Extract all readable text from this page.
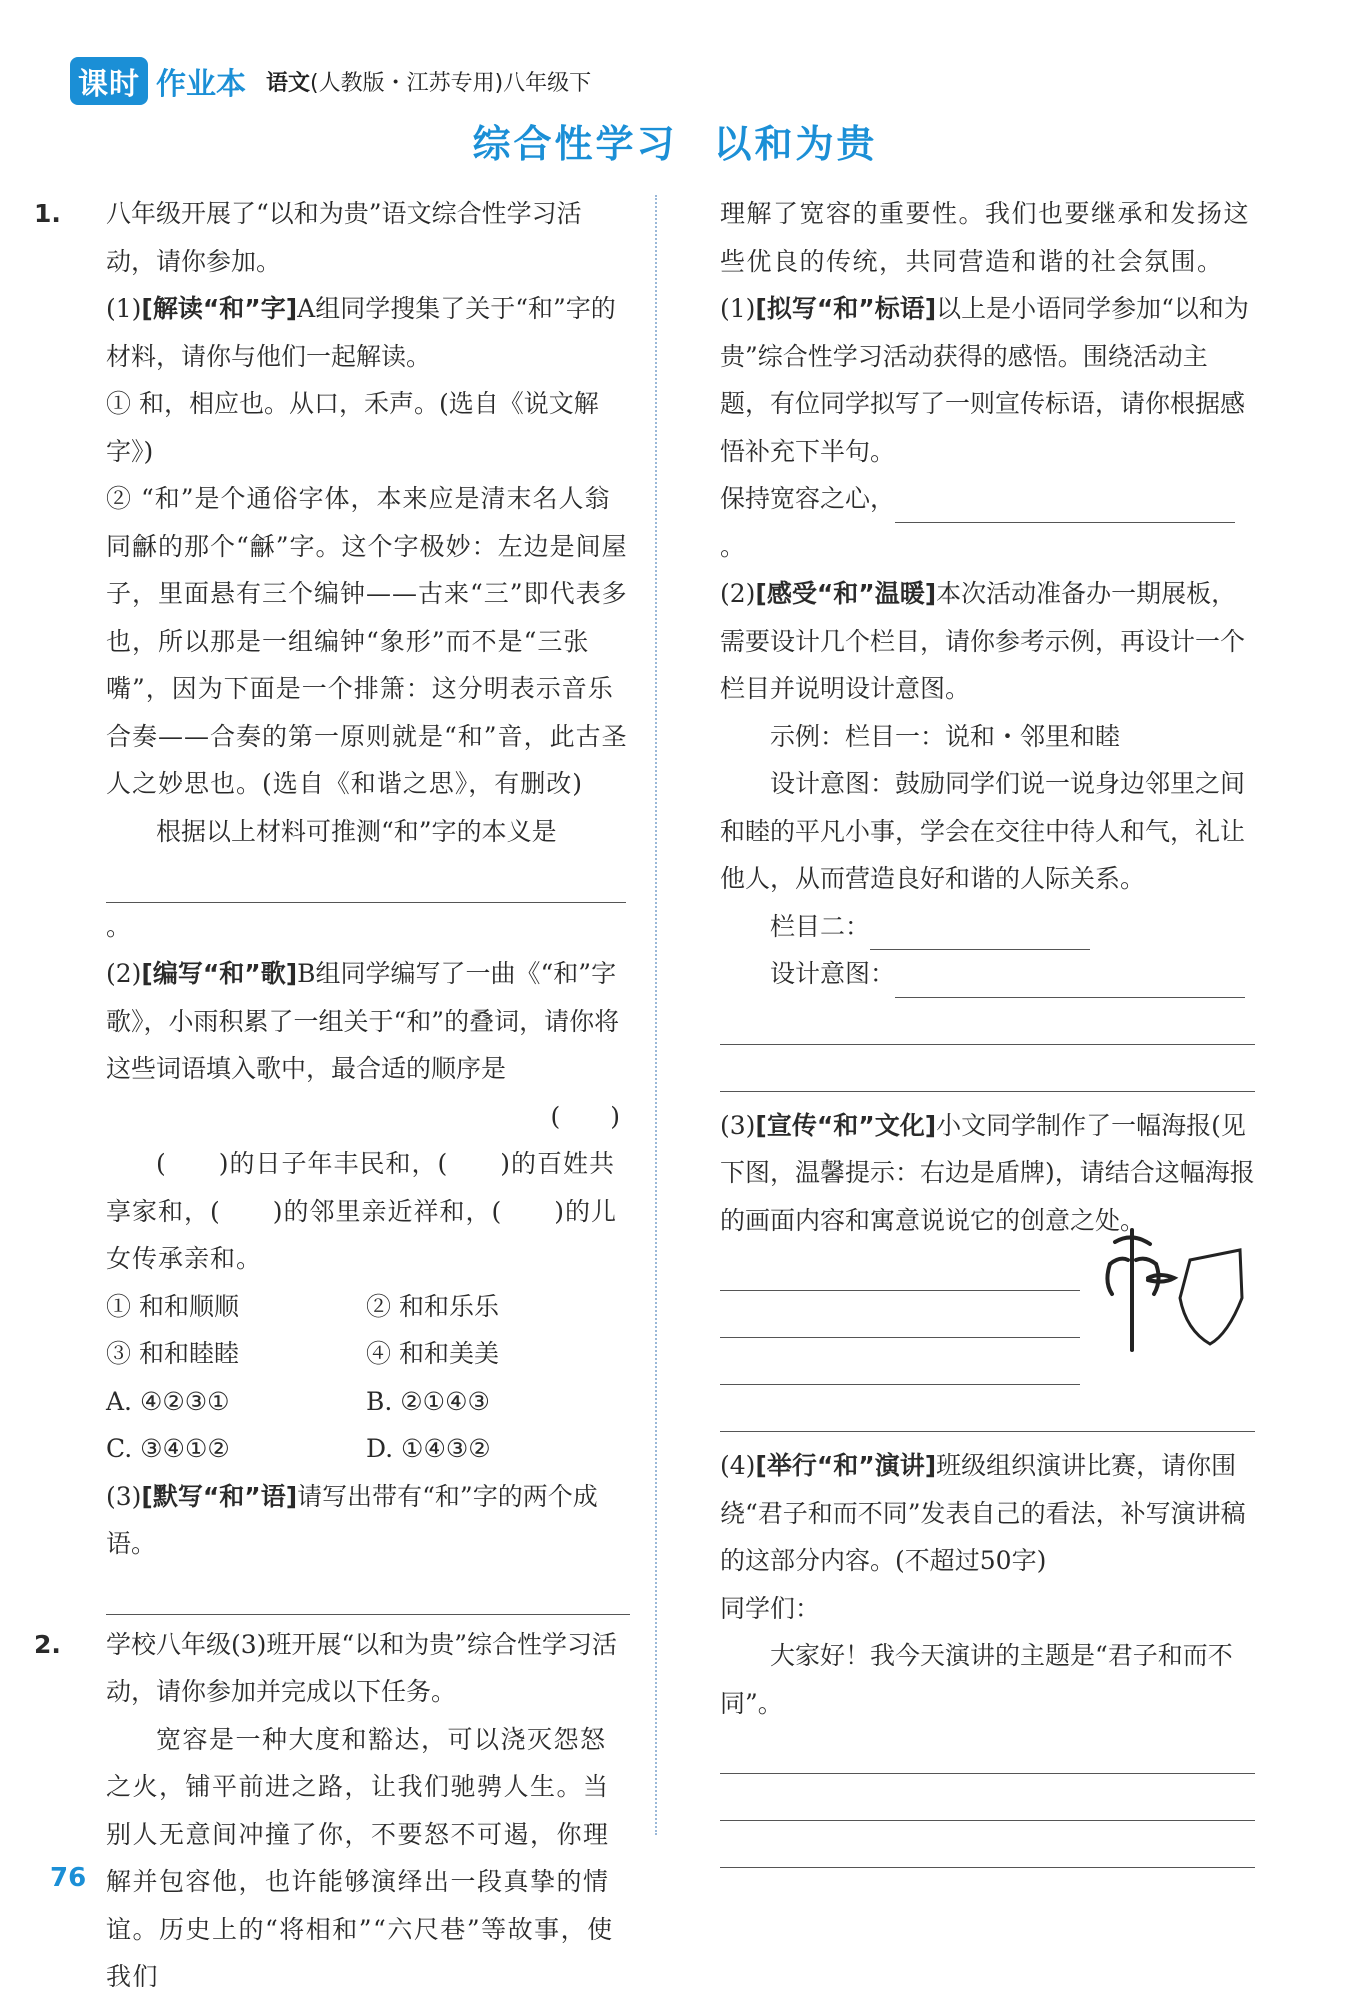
课时 作业本 语文(人教版・江苏专用)八年级下
综合性学习 以和为贵

1. 八年级开展了“以和为贵”语文综合性学习活动，请你参加。

(1)[解读“和”字]A组同学搜集了关于“和”字的材料，请你与他们一起解读。

① 和，相应也。从口，禾声。(选自《说文解字》)

② “和”是个通俗字体，本来应是清末名人翁同龢的那个“龢”字。这个字极妙：左边是间屋子，里面悬有三个编钟——古来“三”即代表多也，所以那是一组编钟“象形”而不是“三张嘴”，因为下面是一个排箫：这分明表示音乐合奏——合奏的第一原则就是“和”音，此古圣人之妙思也。(选自《和谐之思》，有删改)

根据以上材料可推测“和”字的本义是

。

(2)[编写“和”歌]B组同学编写了一曲《“和”字歌》，小雨积累了一组关于“和”的叠词，请你将这些词语填入歌中，最合适的顺序是

(　　)

(　　)的日子年丰民和，(　　)的百姓共享家和，(　　)的邻里亲近祥和，(　　)的儿女传承亲和。

① 和和顺顺	② 和和乐乐
③ 和和睦睦	④ 和和美美
A. ④②③①	B. ②①④③
C. ③④①②	D. ①④③②

(3)[默写“和”语]请写出带有“和”字的两个成语。

2. 学校八年级(3)班开展“以和为贵”综合性学习活动，请你参加并完成以下任务。

宽容是一种大度和豁达，可以浇灭怨怒之火，铺平前进之路，让我们驰骋人生。当别人无意间冲撞了你，不要怒不可遏，你理解并包容他，也许能够演绎出一段真挚的情谊。历史上的“将相和”“六尺巷”等故事，使我们

理解了宽容的重要性。我们也要继承和发扬这些优良的传统，共同营造和谐的社会氛围。

(1)[拟写“和”标语]以上是小语同学参加“以和为贵”综合性学习活动获得的感悟。围绕活动主题，有位同学拟写了一则宣传标语，请你根据感悟补充下半句。

保持宽容之心，。

(2)[感受“和”温暖]本次活动准备办一期展板，需要设计几个栏目，请你参考示例，再设计一个栏目并说明设计意图。

示例：栏目一：说和・邻里和睦

设计意图：鼓励同学们说一说身边邻里之间和睦的平凡小事，学会在交往中待人和气，礼让他人，从而营造良好和谐的人际关系。

栏目二：

设计意图：

(3)[宣传“和”文化]小文同学制作了一幅海报(见下图，温馨提示：右边是盾牌)，请结合这幅海报的画面内容和寓意说说它的创意之处。

(4)[举行“和”演讲]班级组织演讲比赛，请你围绕“君子和而不同”发表自己的看法，补写演讲稿的这部分内容。(不超过50字)

同学们：

大家好！我今天演讲的主题是“君子和而不同”。

76
